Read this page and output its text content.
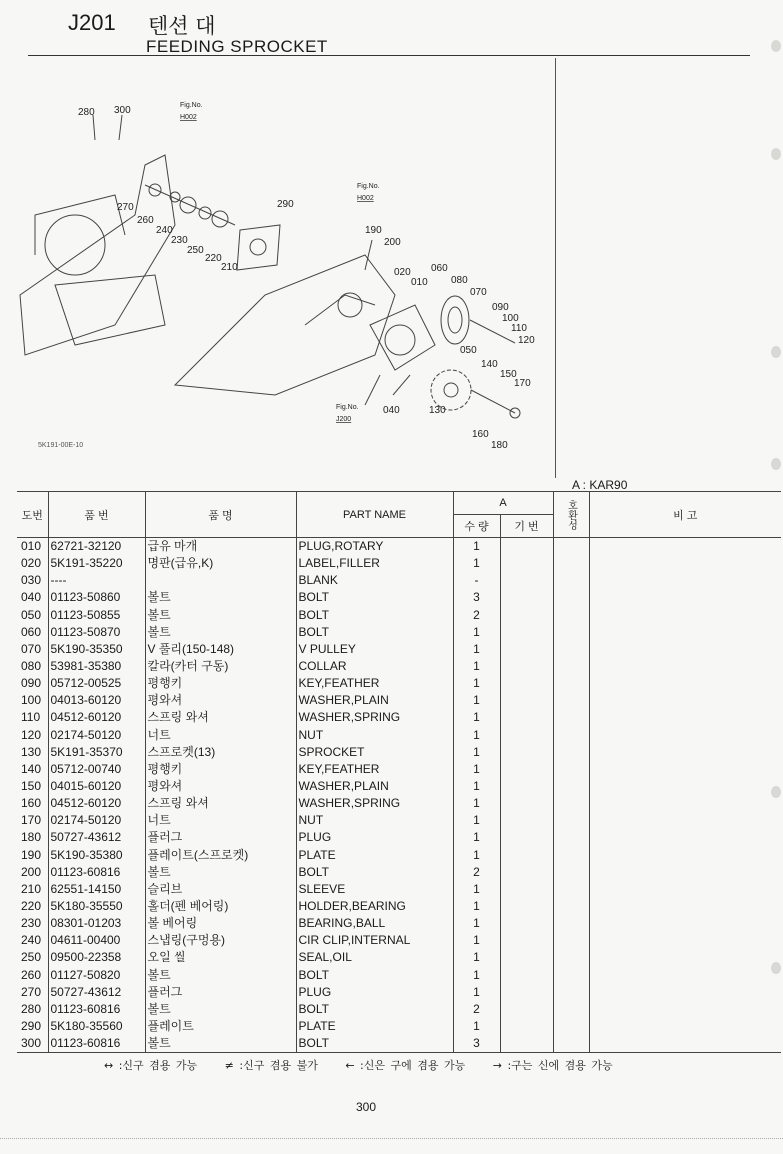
J201 텐션 대
FEEDING SPROCKET
280 300
270
260
240
230
250
220
210
290
190
200
020
010
060
080
070
090
100
110
120
050
140
150
170
160
180
040	130
Fig.No.
H002
Fig.No.
H002
Fig.No.
J200
5K191-00E-10
A : KAR90
도번	품 번	품 명	PART NAME	A		호환성	비 고
				수 량	기 번		
010	62721-32120	급유 마개	PLUG,ROTARY	1			
020	5K191-35220	명판(급유,K)	LABEL,FILLER	1			
030	----		BLANK	-			
040	01123-50860	볼트	BOLT	3			
050	01123-50855	볼트	BOLT	2			
060	01123-50870	볼트	BOLT	1			
070	5K190-35350	V 풀리(150-148)	V PULLEY	1			
080	53981-35380	칼라(카터 구동)	COLLAR	1			
090	05712-00525	평행키	KEY,FEATHER	1			
100	04013-60120	평와셔	WASHER,PLAIN	1			
110	04512-60120	스프링 와셔	WASHER,SPRING	1			
120	02174-50120	너트	NUT	1			
130	5K191-35370	스프로켓(13)	SPROCKET	1			
140	05712-00740	평행키	KEY,FEATHER	1			
150	04015-60120	평와셔	WASHER,PLAIN	1			
160	04512-60120	스프링 와셔	WASHER,SPRING	1			
170	02174-50120	너트	NUT	1			
180	50727-43612	플러그	PLUG	1			
190	5K190-35380	플레이트(스프로켓)	PLATE	1			
200	01123-60816	볼트	BOLT	2			
210	62551-14150	슬리브	SLEEVE	1			
220	5K180-35550	홀더(펜 베어링)	HOLDER,BEARING	1			
230	08301-01203	볼 베어링	BEARING,BALL	1			
240	04611-00400	스냅링(구멍용)	CIR CLIP,INTERNAL	1			
250	09500-22358	오일 씰	SEAL,OIL	1			
260	01127-50820	볼트	BOLT	1			
270	50727-43612	플러그	PLUG	1			
280	01123-60816	볼트	BOLT	2			
290	5K180-35560	플레이트	PLATE	1			
300	01123-60816	볼트	BOLT	3			
↔ :신구 겸용 가능	≠ :신구 겸용 불가	← :신은 구에 겸용 가능	→ :구는 신에 겸용 가능
300
